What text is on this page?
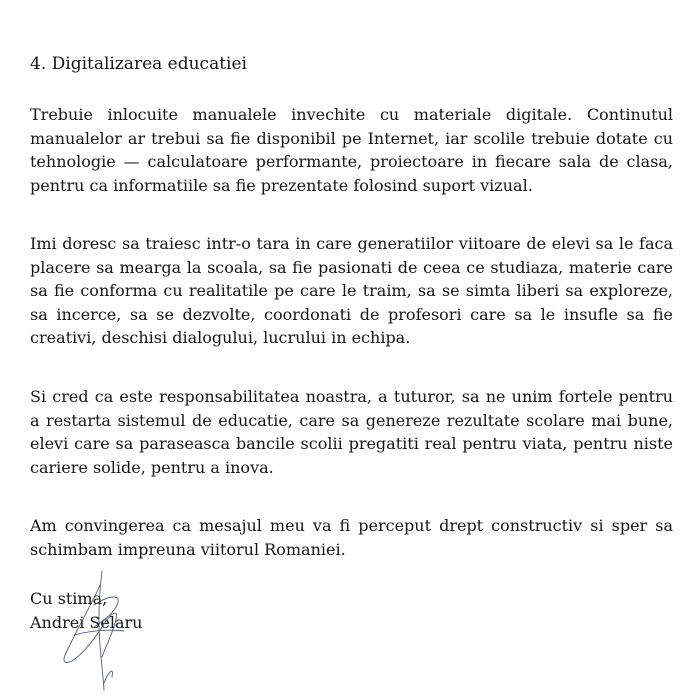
4. Digitalizarea educatiei

Trebuie inlocuite manualele invechite cu materiale digitale. Continutul manualelor ar trebui sa fie disponibil pe Internet, iar scolile trebuie dotate cu tehnologie — calculatoare performante, proiectoare in fiecare sala de clasa, pentru ca informatiile sa fie prezentate folosind suport vizual.

Imi doresc sa traiesc intr-o tara in care generatiilor viitoare de elevi sa le faca placere sa mearga la scoala, sa fie pasionati de ceea ce studiaza, materie care sa fie conforma cu realitatile pe care le traim, sa se simta liberi sa exploreze, sa incerce, sa se dezvolte, coordonati de profesori care sa le insufle sa fie creativi, deschisi dialogului, lucrului in echipa.

Si cred ca este responsabilitatea noastra, a tuturor, sa ne unim fortele pentru a restarta sistemul de educatie, care sa genereze rezultate scolare mai bune, elevi care sa paraseasca bancile scolii pregatiti real pentru viata, pentru niste cariere solide, pentru a inova.

Am convingerea ca mesajul meu va fi perceput drept constructiv si sper sa schimbam impreuna viitorul Romaniei.

Cu stima,
Andrei Selaru
